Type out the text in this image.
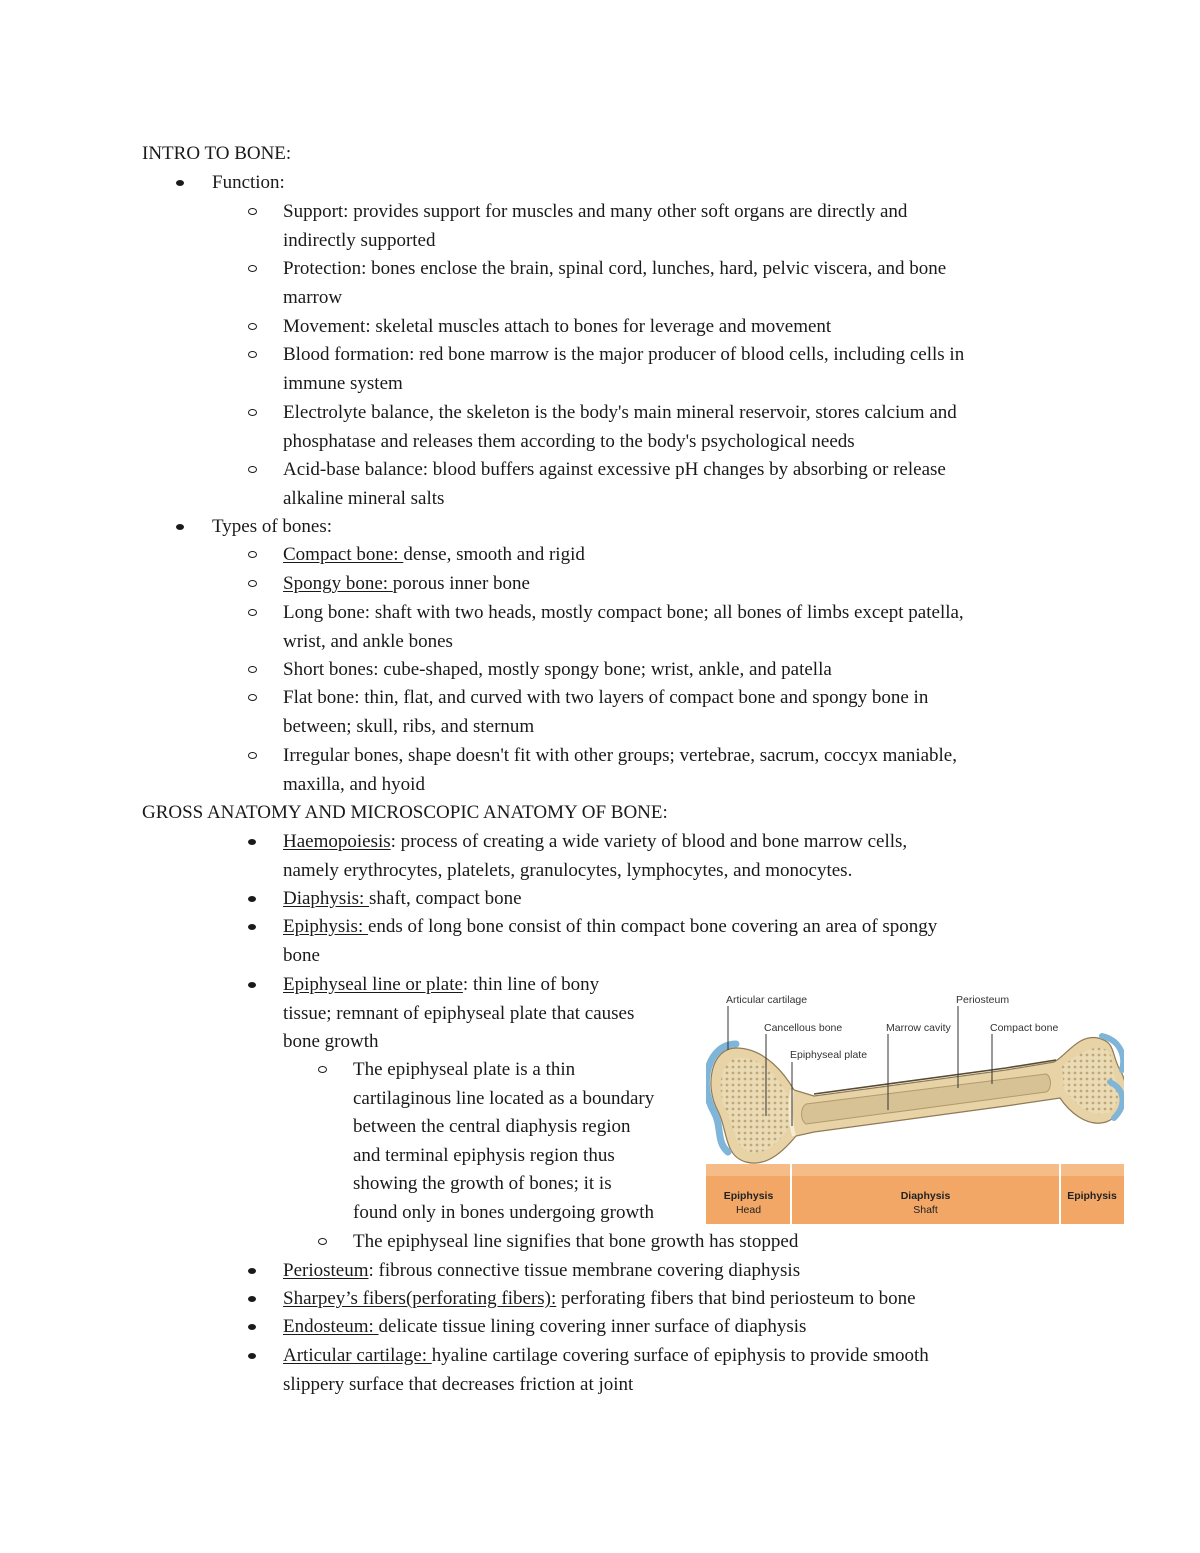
INTRO TO BONE:
Function:
Support: provides support for muscles and many other soft organs are directly and
indirectly supported
Protection: bones enclose the brain, spinal cord, lunches, hard, pelvic viscera, and bone
marrow
Movement: skeletal muscles attach to bones for leverage and movement
Blood formation: red bone marrow is the major producer of blood cells, including cells in
immune system
Electrolyte balance, the skeleton is the body's main mineral reservoir, stores calcium and
phosphatase and releases them according to the body's psychological needs
Acid-base balance: blood buffers against excessive pH changes by absorbing or release
alkaline mineral salts
Types of bones:
Compact bone: dense, smooth and rigid
Spongy bone: porous inner bone
Long bone: shaft with two heads, mostly compact bone; all bones of limbs except patella,
wrist, and ankle bones
Short bones: cube-shaped, mostly spongy bone; wrist, ankle, and patella
Flat bone: thin, flat, and curved with two layers of compact bone and spongy bone in
between; skull, ribs, and sternum
Irregular bones, shape doesn't fit with other groups; vertebrae, sacrum, coccyx maniable,
maxilla, and hyoid
GROSS ANATOMY AND MICROSCOPIC ANATOMY OF BONE:
Haemopoiesis: process of creating a wide variety of blood and bone marrow cells,
namely erythrocytes, platelets, granulocytes, lymphocytes, and monocytes.
Diaphysis: shaft, compact bone
Epiphysis: ends of long bone consist of thin compact bone covering an area of spongy
bone
Epiphyseal line or plate: thin line of bony
tissue; remnant of epiphyseal plate that causes
bone growth
The epiphyseal plate is a thin
cartilaginous line located as a boundary
between the central diaphysis region
and terminal epiphysis region thus
showing the growth of bones; it is
found only in bones undergoing growth
The epiphyseal line signifies that bone growth has stopped
Periosteum: fibrous connective tissue membrane covering diaphysis
Sharpey’s fibers(perforating fibers): perforating fibers that bind periosteum to bone
Endosteum: delicate tissue lining covering inner surface of diaphysis
Articular cartilage: hyaline cartilage covering surface of epiphysis to provide smooth
slippery surface that decreases friction at joint
Articular cartilage	Periosteum
Cancellous bone	Marrow cavity	Compact bone
Epiphyseal plate
Epiphysis
Head
Diaphysis
Shaft
Epiphysis
